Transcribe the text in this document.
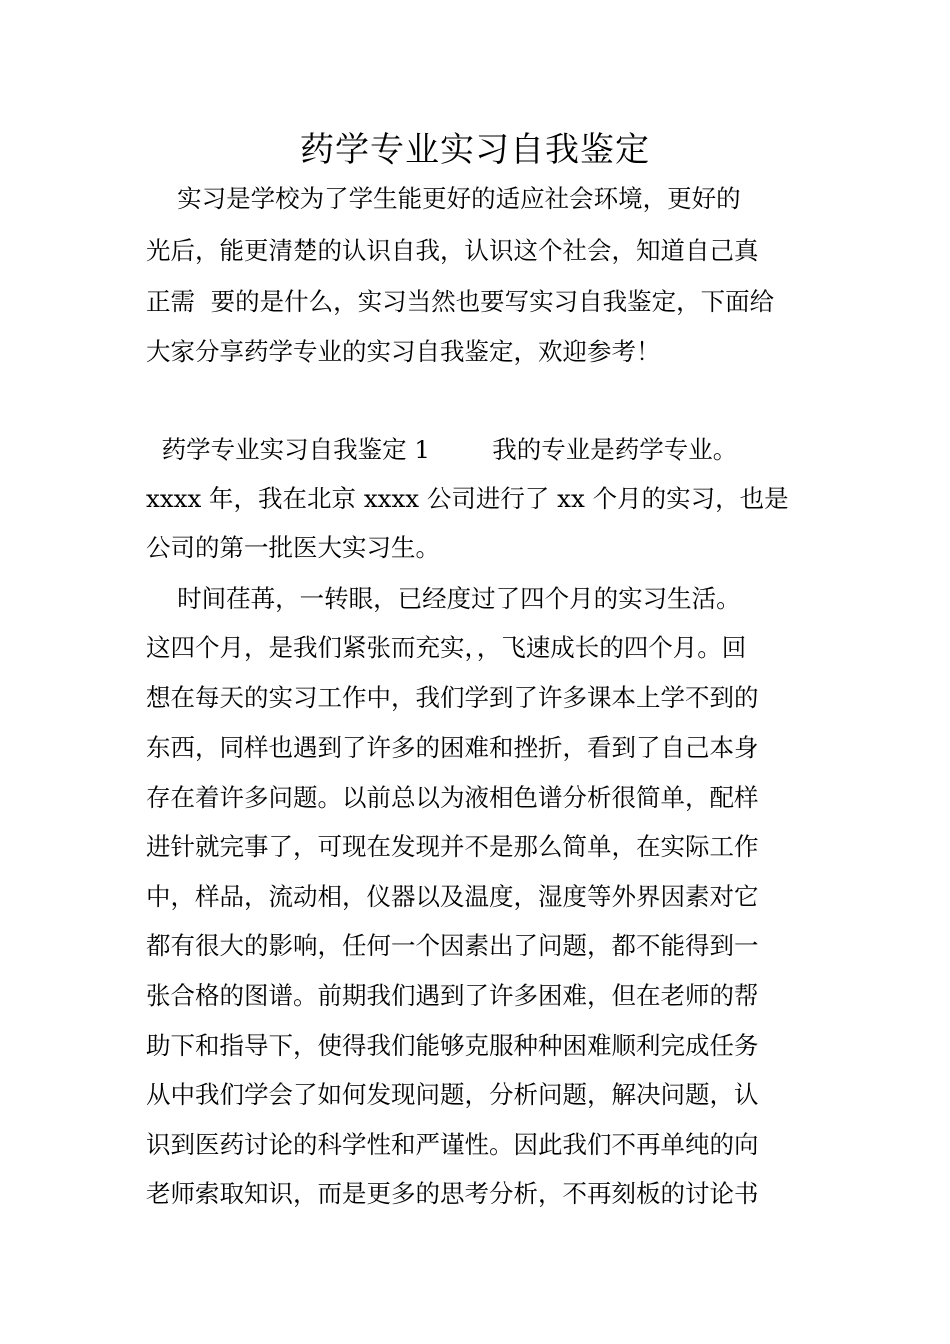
药学专业实习自我鉴定
实习是学校为了学生能更好的适应社会环境，更好的
光后，能更清楚的认识自我，认识这个社会，知道自己真
正需  要的是什么，实习当然也要写实习自我鉴定，下面给
大家分享药学专业的实习自我鉴定，欢迎参考！
药学专业实习自我鉴定 1        我的专业是药学专业。
xxxx 年，我在北京 xxxx 公司进行了 xx 个月的实习，也是
公司的第一批医大实习生。
时间荏苒，一转眼，已经度过了四个月的实习生活。
这四个月，是我们紧张而充实，，飞速成长的四个月。回
想在每天的实习工作中，我们学到了许多课本上学不到的
东西，同样也遇到了许多的困难和挫折，看到了自己本身
存在着许多问题。以前总以为液相色谱分析很简单，配样
进针就完事了，可现在发现并不是那么简单，在实际工作
中，样品，流动相，仪器以及温度，湿度等外界因素对它
都有很大的影响，任何一个因素出了问题，都不能得到一
张合格的图谱。前期我们遇到了许多困难，但在老师的帮
助下和指导下，使得我们能够克服种种困难顺利完成任务
从中我们学会了如何发现问题，分析问题，解决问题，认
识到医药讨论的科学性和严谨性。因此我们不再单纯的向
老师索取知识，而是更多的思考分析，不再刻板的讨论书
